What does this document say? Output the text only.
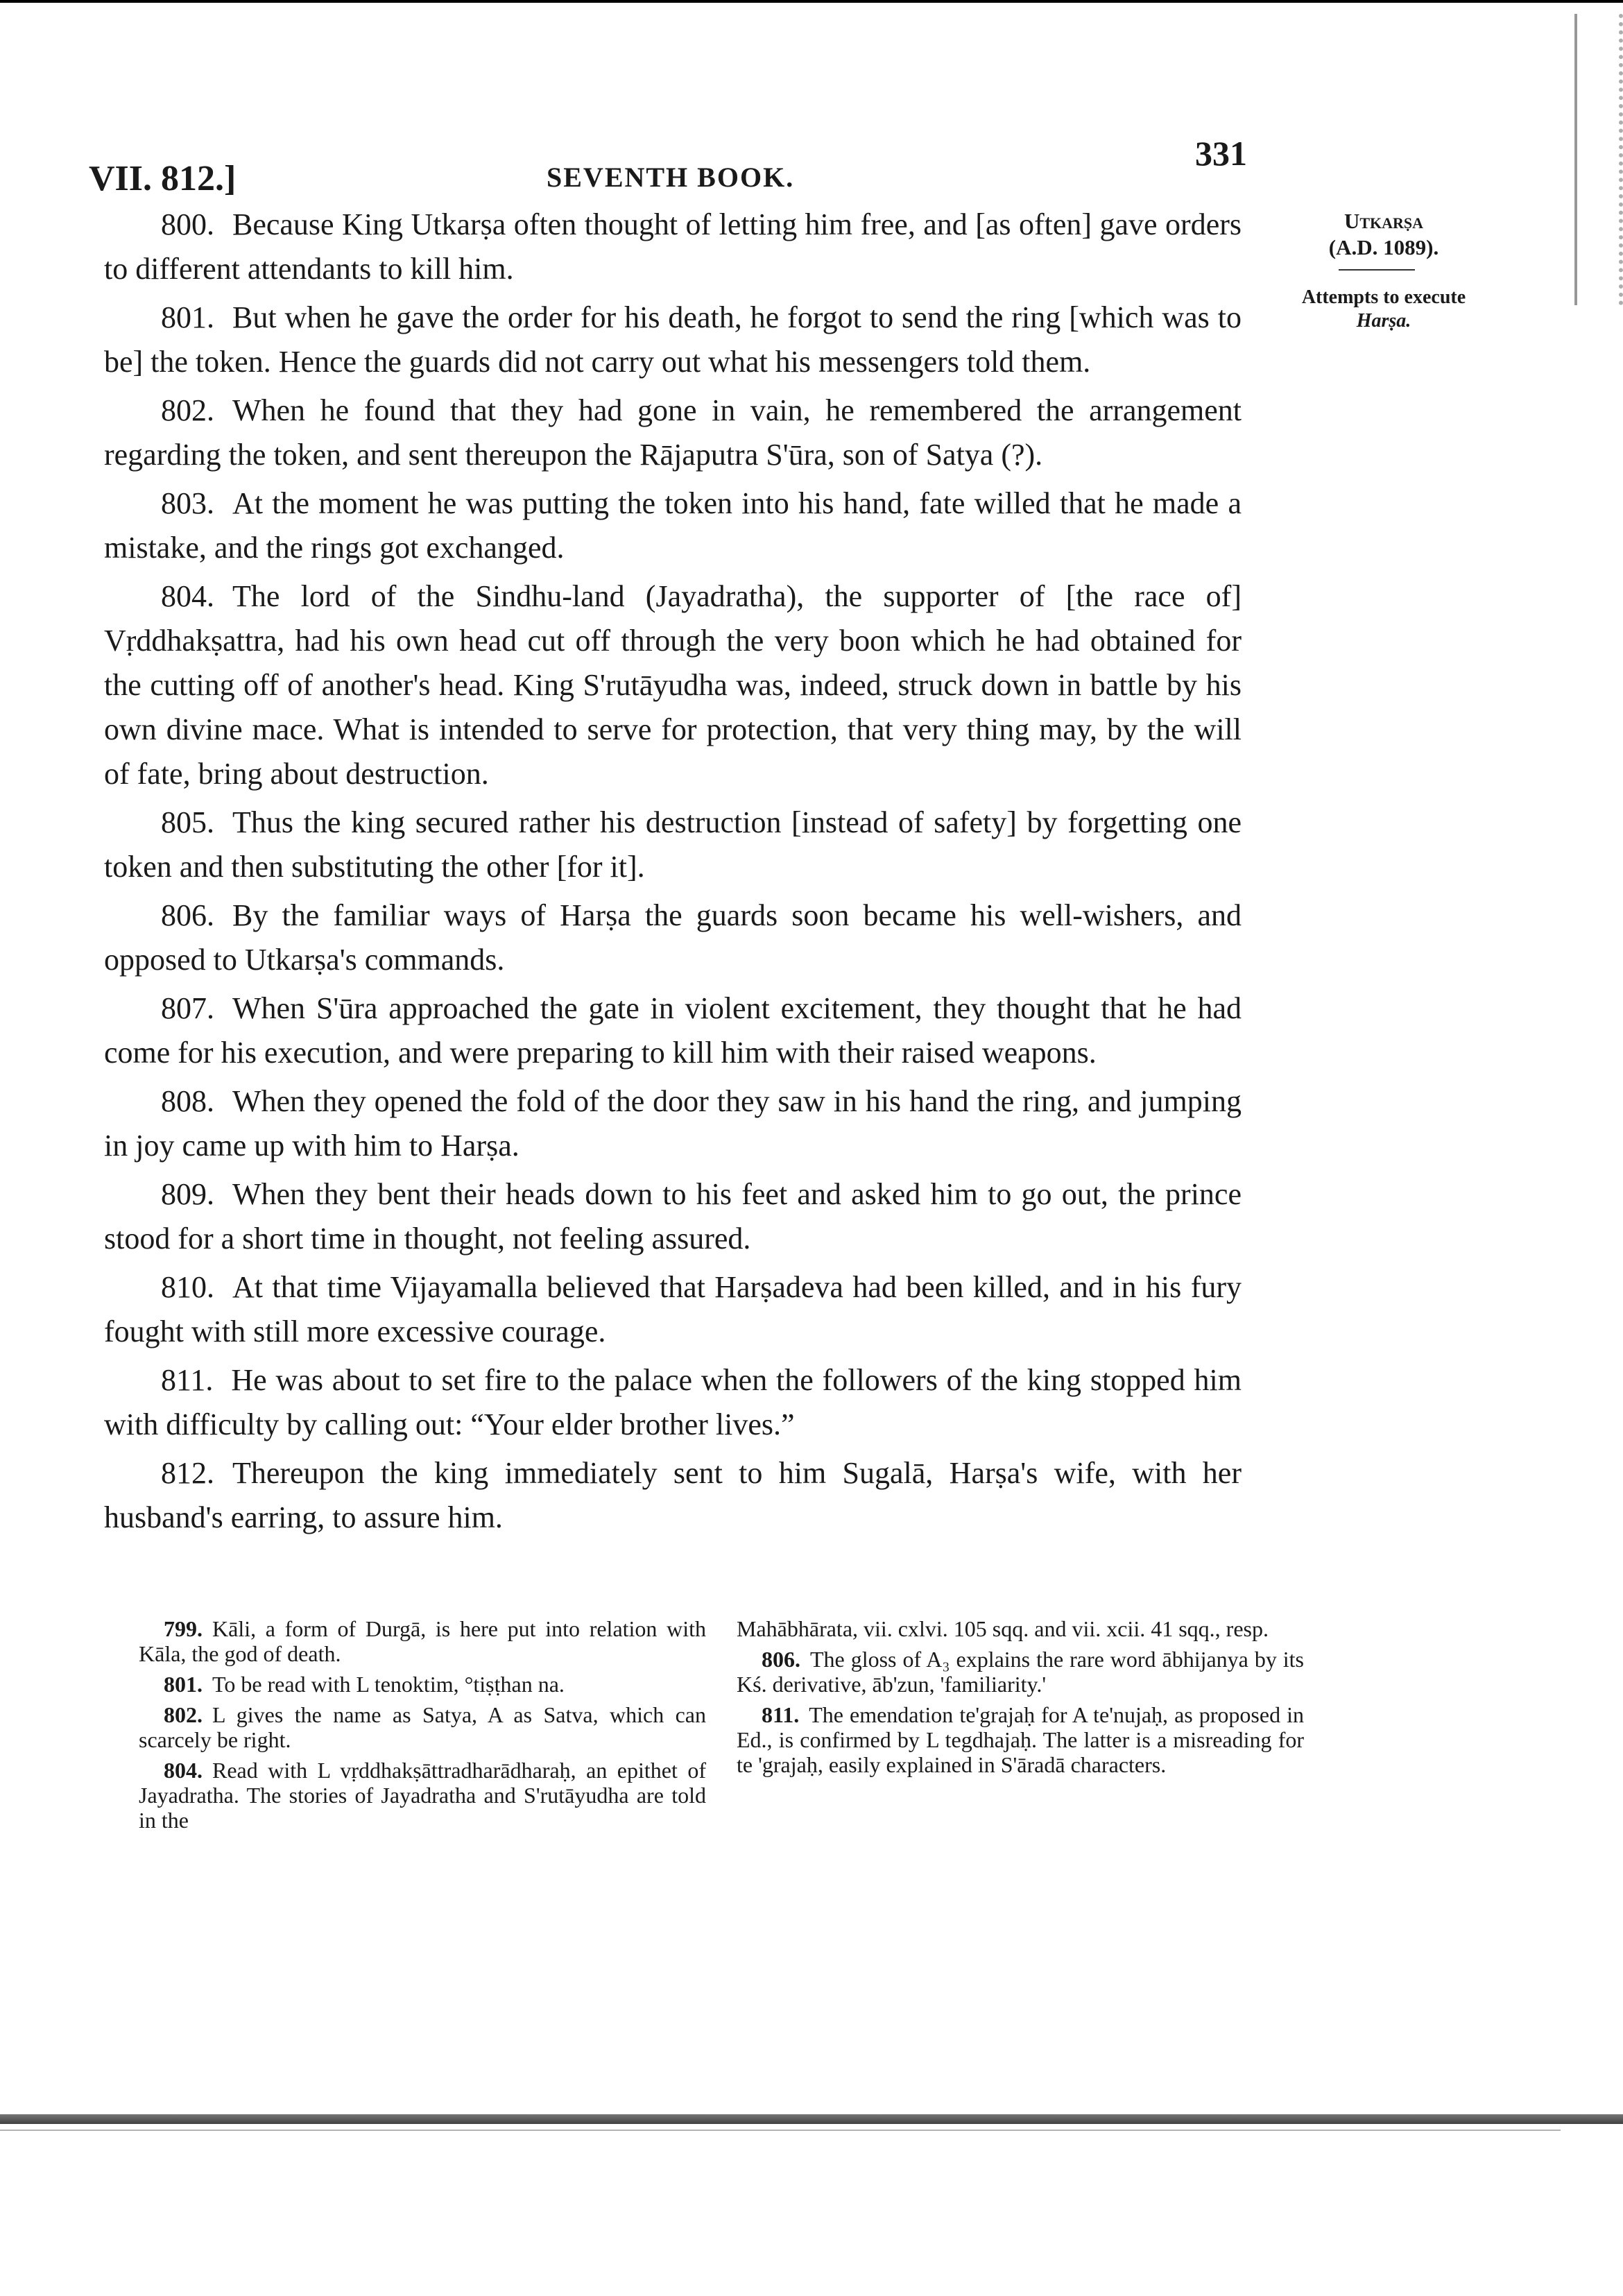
VII. 812.]	SEVENTH BOOK.
331
Utkarṣa
(A.D. 1089).
Attempts to execute
Harṣa.

800. Because King Utkarṣa often thought of letting him free, and [as often] gave orders to different attendants to kill him.

801. But when he gave the order for his death, he forgot to send the ring [which was to be] the token. Hence the guards did not carry out what his messengers told them.

802. When he found that they had gone in vain, he remembered the arrangement regarding the token, and sent thereupon the Rājaputra S'ūra, son of Satya (?).

803. At the moment he was putting the token into his hand, fate willed that he made a mistake, and the rings got exchanged.

804. The lord of the Sindhu-land (Jayadratha), the supporter of [the race of] Vṛddhakṣattra, had his own head cut off through the very boon which he had obtained for the cutting off of another's head. King S'rutāyudha was, indeed, struck down in battle by his own divine mace. What is intended to serve for protection, that very thing may, by the will of fate, bring about destruction.

805. Thus the king secured rather his destruction [instead of safety] by forgetting one token and then substituting the other [for it].

806. By the familiar ways of Harṣa the guards soon became his well-wishers, and opposed to Utkarṣa's commands.

807. When S'ūra approached the gate in violent excitement, they thought that he had come for his execution, and were preparing to kill him with their raised weapons.

808. When they opened the fold of the door they saw in his hand the ring, and jumping in joy came up with him to Harṣa.

809. When they bent their heads down to his feet and asked him to go out, the prince stood for a short time in thought, not feeling assured.

810. At that time Vijayamalla believed that Harṣadeva had been killed, and in his fury fought with still more excessive courage.

811. He was about to set fire to the palace when the followers of the king stopped him with difficulty by calling out: “Your elder brother lives.”

812. Thereupon the king immediately sent to him Sugalā, Harṣa's wife, with her husband's earring, to assure him.

799. Kāli, a form of Durgā, is here put into relation with Kāla, the god of death.

801. To be read with L tenoktim, °tiṣṭhan na.

802. L gives the name as Satya, A as Satva, which can scarcely be right.

804. Read with L vṛddhakṣāttradharādharaḥ, an epithet of Jayadratha. The stories of Jayadratha and S'rutāyudha are told in the

Mahābhārata, vii. cxlvi. 105 sqq. and vii. xcii. 41 sqq., resp.

806. The gloss of A₃ explains the rare word ābhijanya by its Kś. derivative, āb'zun, 'familiarity.'

811. The emendation te'grajaḥ for A te'nujaḥ, as proposed in Ed., is confirmed by L tegdhajaḥ. The latter is a misreading for te 'grajaḥ, easily explained in S'āradā characters.
